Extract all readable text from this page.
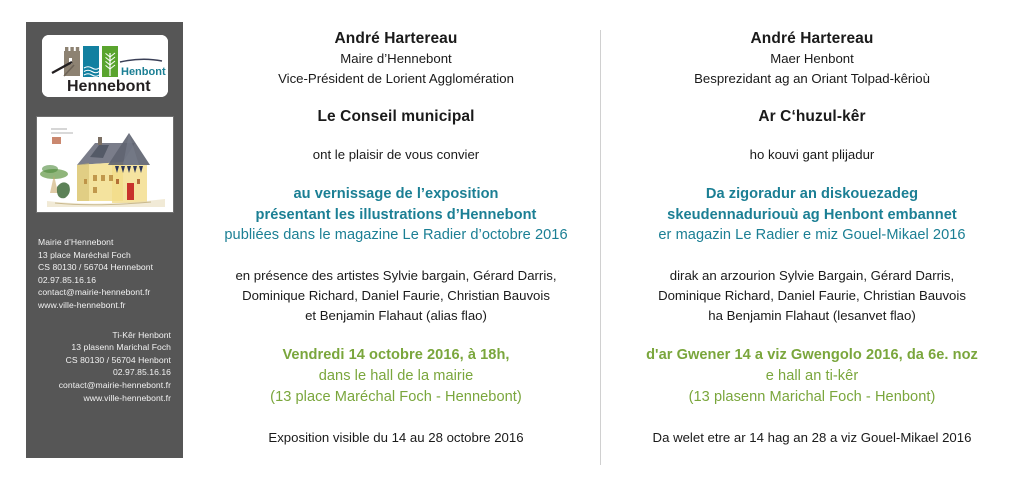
Henbont
Hennebont
Mairie d’Hennebont
13 place Maréchal Foch
CS 80130 / 56704 Hennebont
02.97.85.16.16
contact@mairie-hennebont.fr
www.ville-hennebont.fr
Ti-Kêr Henbont
13 plasenn Marichal Foch
CS 80130 / 56704 Henbont
02.97.85.16.16
contact@mairie-hennebont.fr
www.ville-hennebont.fr
André Hartereau
Maire d’Hennebont
Vice-Président de Lorient Agglomération
Le Conseil municipal
ont le plaisir de vous convier
au vernissage de l’exposition
présentant les illustrations d’Hennebont
publiées dans le magazine Le Radier d’octobre 2016
en présence des artistes Sylvie bargain, Gérard Darris,
Dominique Richard, Daniel Faurie, Christian Bauvois
et Benjamin Flahaut (alias flao)
Vendredi 14 octobre 2016, à 18h,
dans le hall de la mairie
(13 place Maréchal Foch - Hennebont)
Exposition visible du 14 au 28 octobre 2016
André Hartereau
Maer Henbont
Besprezidant ag an Oriant Tolpad-kêrioù
Ar C‘huzul-kêr
ho kouvi gant plijadur
Da zigoradur an diskouezadeg
skeudennaduriouù ag Henbont embannet
er magazin Le Radier e miz Gouel-Mikael 2016
dirak an arzourion Sylvie Bargain, Gérard Darris,
Dominique Richard, Daniel Faurie, Christian Bauvois
ha Benjamin Flahaut (lesanvet flao)
d'ar Gwener 14 a viz Gwengolo 2016, da 6e. noz
e hall an ti-kêr
(13 plasenn Marichal Foch - Henbont)
Da welet etre ar 14 hag an 28 a viz Gouel-Mikael 2016
